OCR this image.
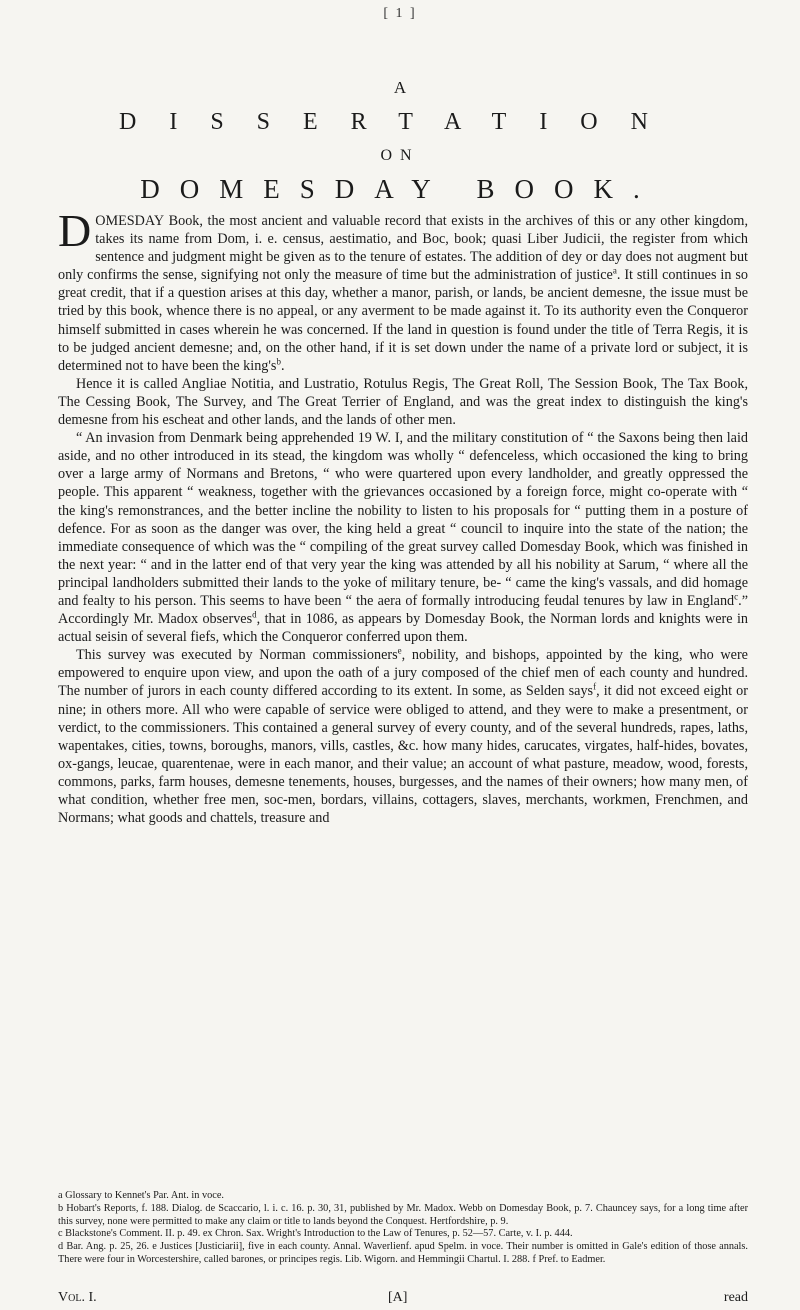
[ 1 ]
A
DISSERTATION
ON
DOMESDAY BOOK.

DOMESDAY Book, the most ancient and valuable record that exists in the archives of this or any other kingdom, takes its name from Dom, i. e. census, aestimatio, and Boc, book; quasi Liber Judicii, the register from which sentence and judgment might be given as to the tenure of estates. The addition of dey or day does not augment but only confirms the sense, signifying not only the measure of time but the administration of justice$^a$. It still continues in so great credit, that if a question arises at this day, whether a manor, parish, or lands, be ancient demesne, the issue must be tried by this book, whence there is no appeal, or any averment to be made against it. To its authority even the Conqueror himself submitted in cases wherein he was concerned. If the land in question is found under the title of Terra Regis, it is to be judged ancient demesne; and, on the other hand, if it is set down under the name of a private lord or subject, it is determined not to have been the king's$^b$.

Hence it is called Angliae Notitia, and Lustratio, Rotulus Regis, The Great Roll, The Session Book, The Tax Book, The Cessing Book, The Survey, and The Great Terrier of England, and was the great index to distinguish the king's demesne from his escheat and other lands, and the lands of other men.

“ An invasion from Denmark being apprehended 19 W. I, and the military constitution of “ the Saxons being then laid aside, and no other introduced in its stead, the kingdom was wholly “ defenceless, which occasioned the king to bring over a large army of Normans and Bretons, “ who were quartered upon every landholder, and greatly oppressed the people. This apparent “ weakness, together with the grievances occasioned by a foreign force, might co-operate with “ the king's remonstrances, and the better incline the nobility to listen to his proposals for “ putting them in a posture of defence. For as soon as the danger was over, the king held a great “ council to inquire into the state of the nation; the immediate consequence of which was the “ compiling of the great survey called Domesday Book, which was finished in the next year: “ and in the latter end of that very year the king was attended by all his nobility at Sarum, “ where all the principal landholders submitted their lands to the yoke of military tenure, be- “ came the king's vassals, and did homage and fealty to his person. This seems to have been “ the aera of formally introducing feudal tenures by law in England$^c$.” Accordingly Mr. Madox observes$^d$, that in 1086, as appears by Domesday Book, the Norman lords and knights were in actual seisin of several fiefs, which the Conqueror conferred upon them.

This survey was executed by Norman commissioners$^e$, nobility, and bishops, appointed by the king, who were empowered to enquire upon view, and upon the oath of a jury composed of the chief men of each county and hundred. The number of jurors in each county differed according to its extent. In some, as Selden says$^f$, it did not exceed eight or nine; in others more. All who were capable of service were obliged to attend, and they were to make a presentment, or verdict, to the commissioners. This contained a general survey of every county, and of the several hundreds, rapes, laths, wapentakes, cities, towns, boroughs, manors, vills, castles, &c. how many hides, carucates, virgates, half-hides, bovates, ox-gangs, leucae, quarentenae, were in each manor, and their value; an account of what pasture, meadow, wood, forests, commons, parks, farm houses, demesne tenements, houses, burgesses, and the names of their owners; how many men, of what condition, whether free men, soc-men, bordars, villains, cottagers, slaves, merchants, workmen, Frenchmen, and Normans; what goods and chattels, treasure and

a Glossary to Kennet's Par. Ant. in voce.

b Hobart's Reports, f. 188. Dialog. de Scaccario, l. i. c. 16. p. 30, 31, published by Mr. Madox. Webb on Domesday Book, p. 7. Chauncey says, for a long time after this survey, none were permitted to make any claim or title to lands beyond the Conquest. Hertfordshire, p. 9.

c Blackstone's Comment. II. p. 49. ex Chron. Sax. Wright's Introduction to the Law of Tenures, p. 52—57. Carte, v. I. p. 444.

d Bar. Ang. p. 25, 26. e Justices [Justiciarii], five in each county. Annal. Waverlienf. apud Spelm. in voce. Their number is omitted in Gale's edition of those annals. There were four in Worcestershire, called barones, or principes regis. Lib. Wigorn. and Hemmingii Chartul. I. 288. f Pref. to Eadmer.

Vol. I.	[A]	read
